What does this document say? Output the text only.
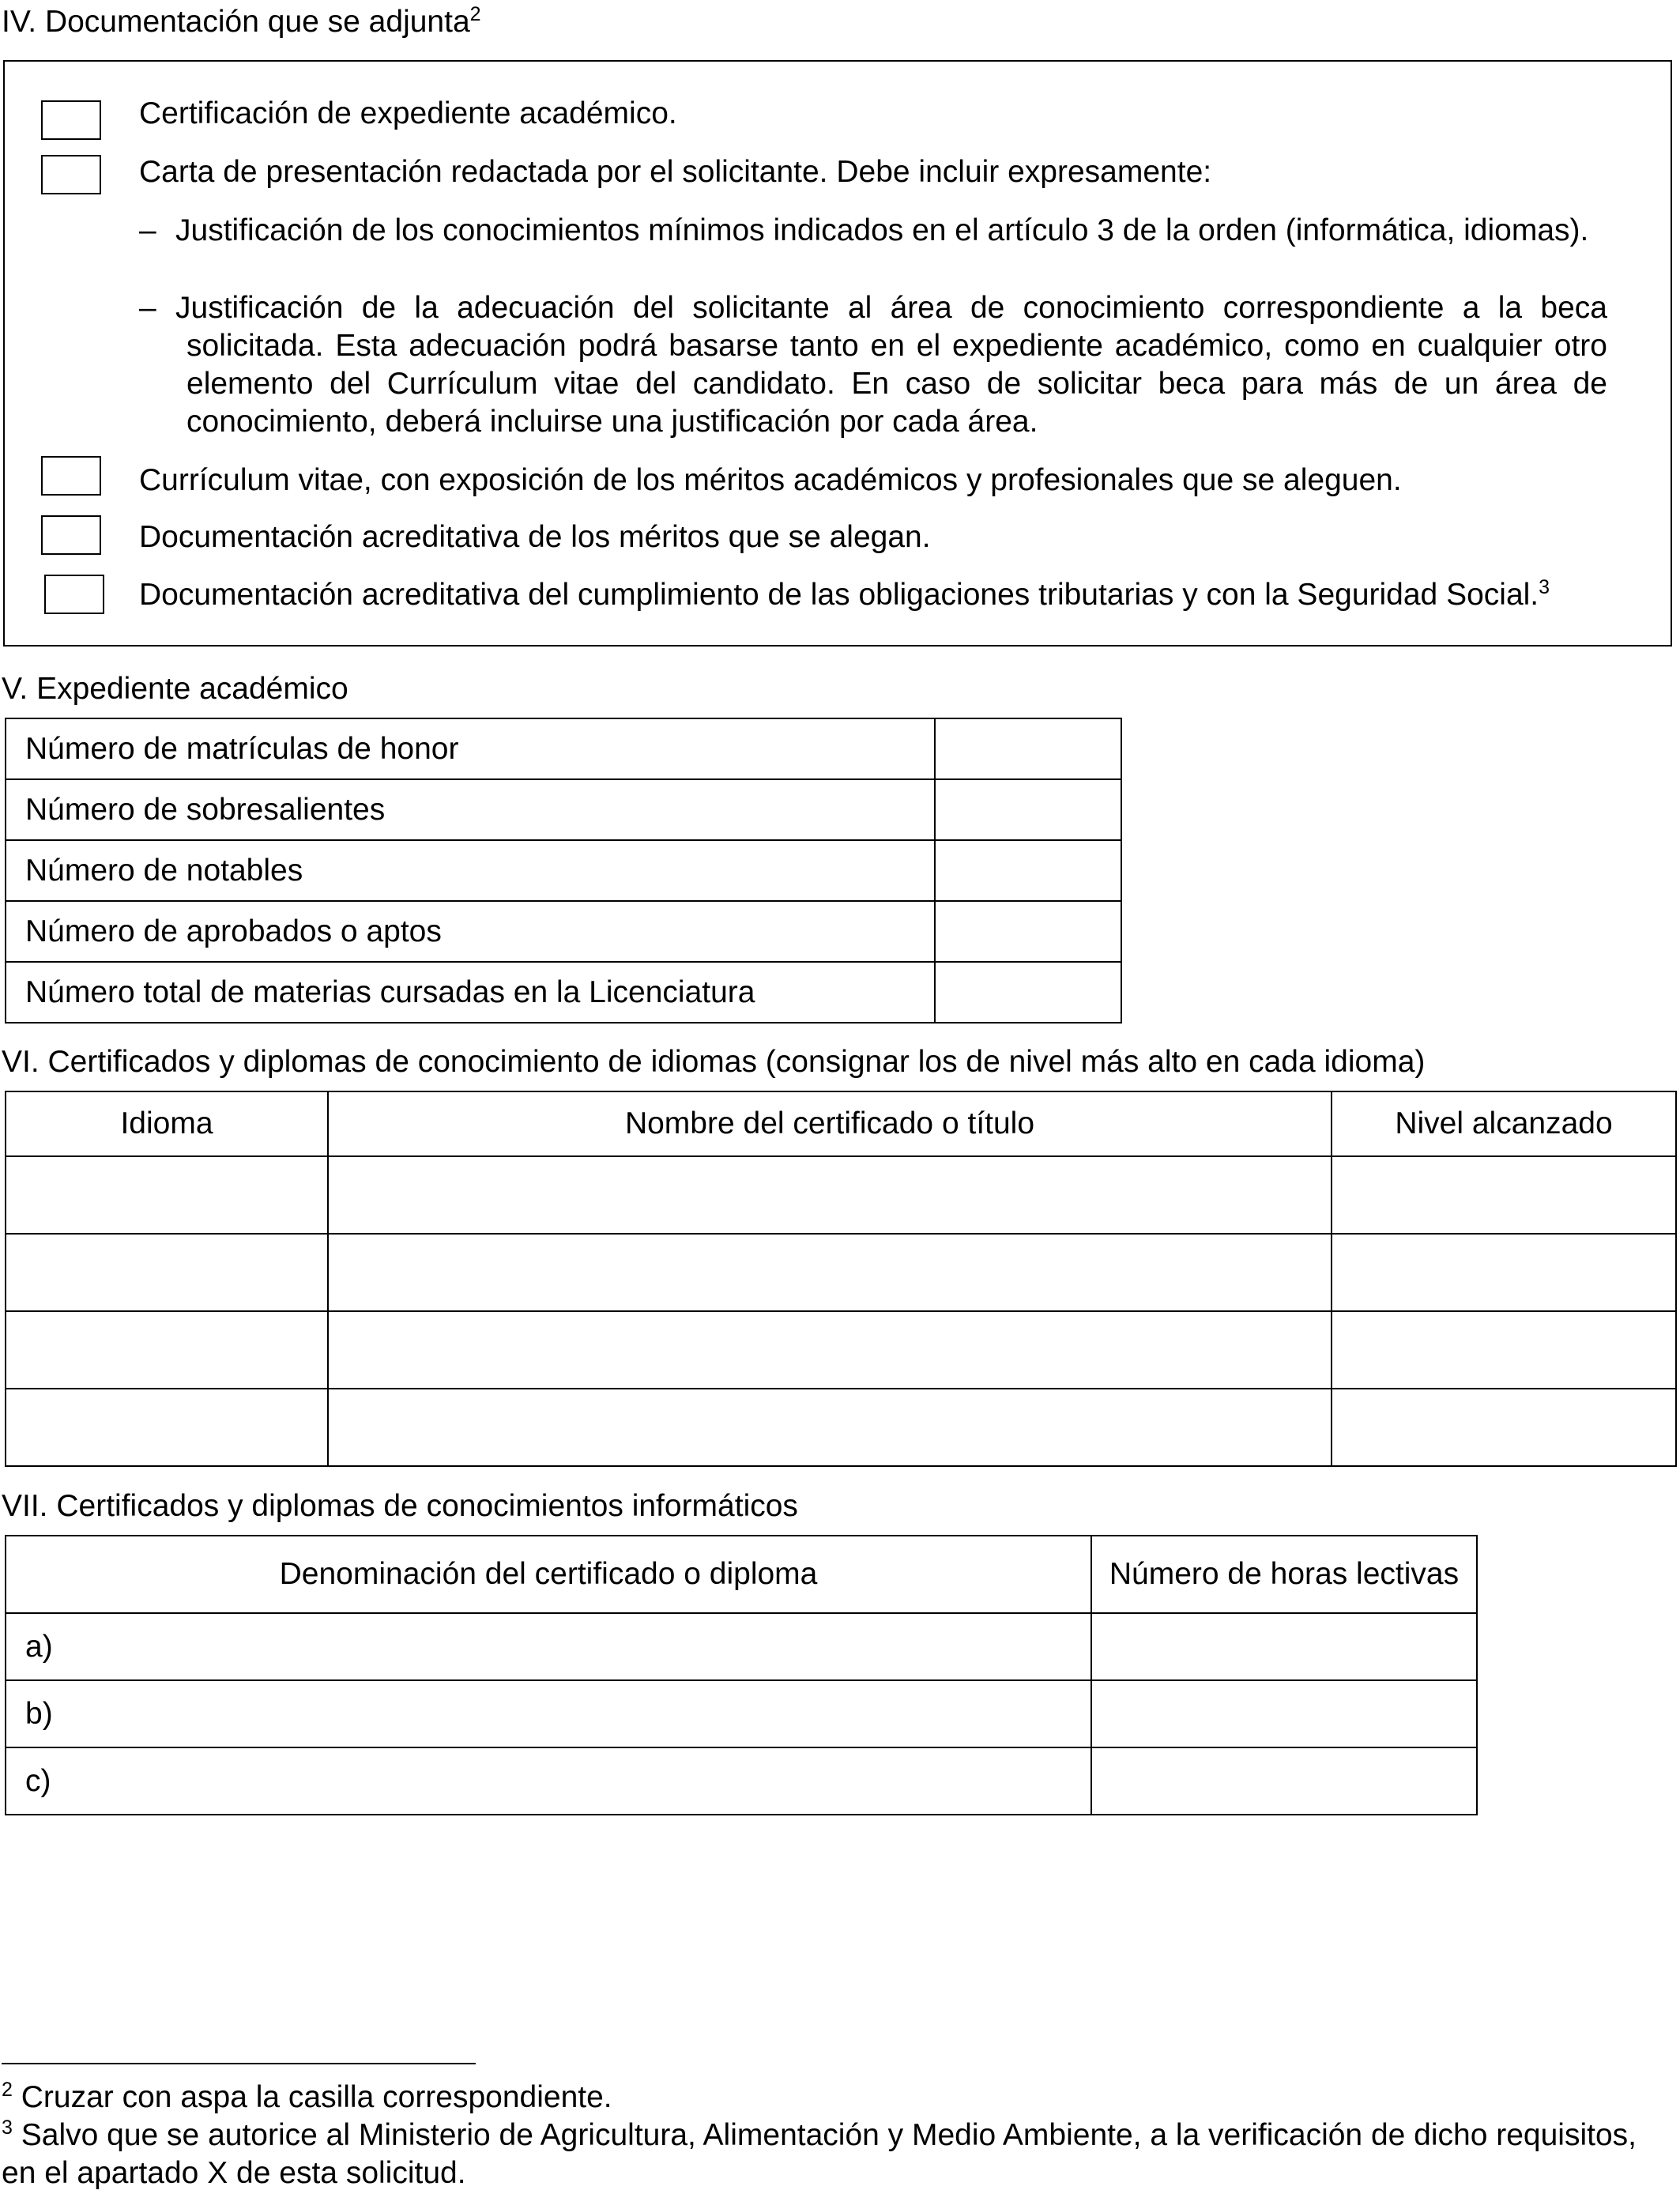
IV. Documentación que se adjunta$^2$
Certificación de expediente académico.
Carta de presentación redactada por el solicitante. Debe incluir expresamente:
– Justificación de los conocimientos mínimos indicados en el artículo 3 de la orden (informática, idiomas).
– Justificación de la adecuación del solicitante al área de conocimiento correspondiente a la beca solicitada. Esta adecuación podrá basarse tanto en el expediente académico, como en cualquier otro elemento del Currículum vitae del candidato. En caso de solicitar beca para más de un área de conocimiento, deberá incluirse una justificación por cada área.
Currículum vitae, con exposición de los méritos académicos y profesionales que se aleguen.
Documentación acreditativa de los méritos que se alegan.
Documentación acreditativa del cumplimiento de las obligaciones tributarias y con la Seguridad Social.$^3$
V. Expediente académico
Número de matrículas de honor	
Número de sobresalientes	
Número de notables	
Número de aprobados o aptos	
Número total de materias cursadas en la Licenciatura	
VI. Certificados y diplomas de conocimiento de idiomas (consignar los de nivel más alto en cada idioma)
Idioma	Nombre del certificado o título	Nivel alcanzado

VII. Certificados y diplomas de conocimientos informáticos
Denominación del certificado o diploma	Número de horas lectivas
a)	
b)	
c)	
$^2$ Cruzar con aspa la casilla correspondiente.
$^3$ Salvo que se autorice al Ministerio de Agricultura, Alimentación y Medio Ambiente, a la verificación de dicho requisitos, en el apartado X de esta solicitud.
